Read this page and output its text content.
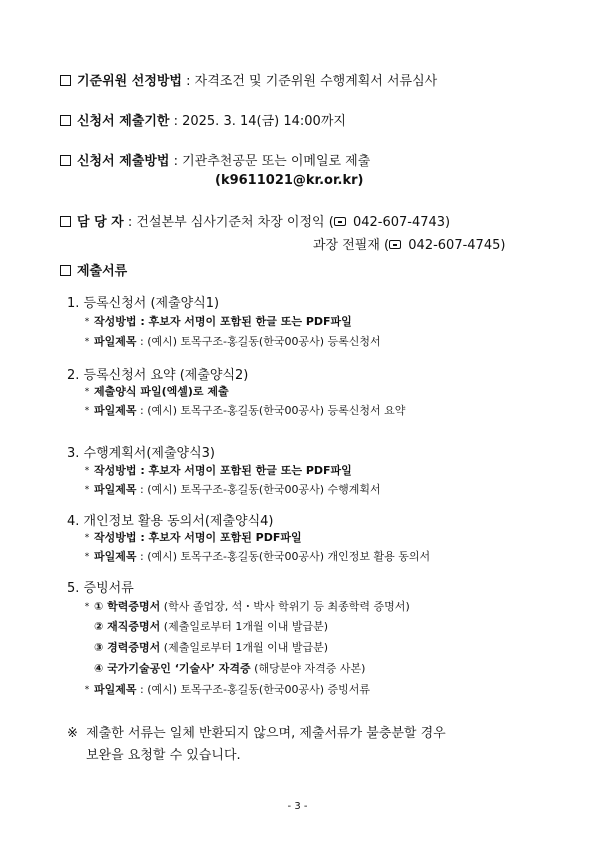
기준위원 선정방법 : 자격조건 및 기준위원 수행계획서 서류심사
신청서 제출기한 : 2025. 3. 14(금) 14:00까지
신청서 제출방법 : 기관추천공문 또는 이메일로 제출
(k9611021@kr.or.kr)
담 당 자 : 건설본부 심사기준처 차장 이정익 ( 042-607-4743)
과장 전필재 ( 042-607-4745)
제출서류
1. 등록신청서 (제출양식1)
* 작성방법 : 후보자 서명이 포함된 한글 또는 PDF파일
* 파일제목 : (예시) 토목구조-홍길동(한국00공사) 등록신청서
2. 등록신청서 요약 (제출양식2)
* 제출양식 파일(엑셀)로 제출
* 파일제목 : (예시) 토목구조-홍길동(한국00공사) 등록신청서 요약
3. 수행계획서(제출양식3)
* 작성방법 : 후보자 서명이 포함된 한글 또는 PDF파일
* 파일제목 : (예시) 토목구조-홍길동(한국00공사) 수행계획서
4. 개인정보 활용 동의서(제출양식4)
* 작성방법 : 후보자 서명이 포함된 PDF파일
* 파일제목 : (예시) 토목구조-홍길동(한국00공사) 개인정보 활용 동의서
5. 증빙서류
* ① 학력증명서 (학사 졸업장, 석・박사 학위기 등 최종학력 증명서)
② 재직증명서 (제출일로부터 1개월 이내 발급분)
③ 경력증명서 (제출일로부터 1개월 이내 발급분)
④ 국가기술공인 ‘기술사’ 자격증 (해당분야 자격증 사본)
* 파일제목 : (예시) 토목구조-홍길동(한국00공사) 증빙서류
※ 제출한 서류는 일체 반환되지 않으며, 제출서류가 불충분할 경우
보완을 요청할 수 있습니다.
- 3 -
